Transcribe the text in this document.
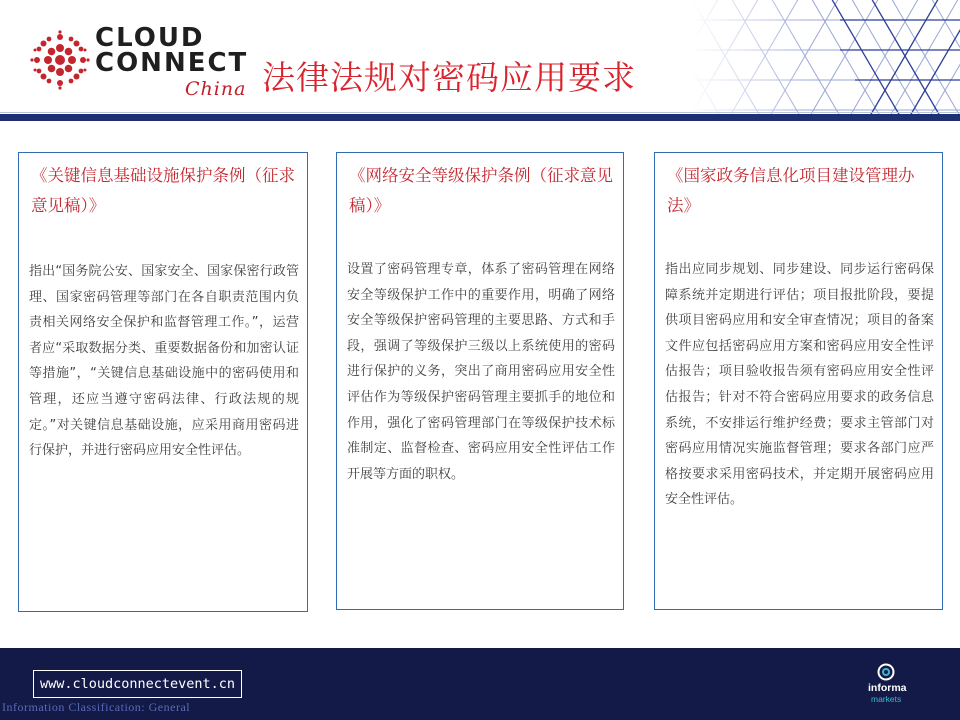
CLOUD
CONNECT
China 法律法规对密码应用要求
《关键信息基础设施保护条例（征求意见稿）》
指出“国务院公安、国家安全、国家保密行政管理、国家密码管理等部门在各自职责范围内负责相关网络安全保护和监督管理工作。”，运营者应“采取数据分类、重要数据备份和加密认证等措施”，“关键信息基础设施中的密码使用和管理，还应当遵守密码法律、行政法规的规定。”对关键信息基础设施，应采用商用密码进行保护，并进行密码应用安全性评估。
《网络安全等级保护条例（征求意见稿）》
设置了密码管理专章，体系了密码管理在网络安全等级保护工作中的重要作用，明确了网络安全等级保护密码管理的主要思路、方式和手段，强调了等级保护三级以上系统使用的密码进行保护的义务，突出了商用密码应用安全性评估作为等级保护密码管理主要抓手的地位和作用，强化了密码管理部门在等级保护技术标准制定、监督检查、密码应用安全性评估工作开展等方面的职权。
《国家政务信息化项目建设管理办法》
指出应同步规划、同步建设、同步运行密码保障系统并定期进行评估；项目报批阶段，要提供项目密码应用和安全审查情况；项目的备案文件应包括密码应用方案和密码应用安全性评估报告；项目验收报告须有密码应用安全性评估报告；针对不符合密码应用要求的政务信息系统，不安排运行维护经费；要求主管部门对密码应用情况实施监督管理；要求各部门应严格按要求采用密码技术，并定期开展密码应用安全性评估。
www.cloudconnectevent.cn
Information Classification: General
informa
markets
